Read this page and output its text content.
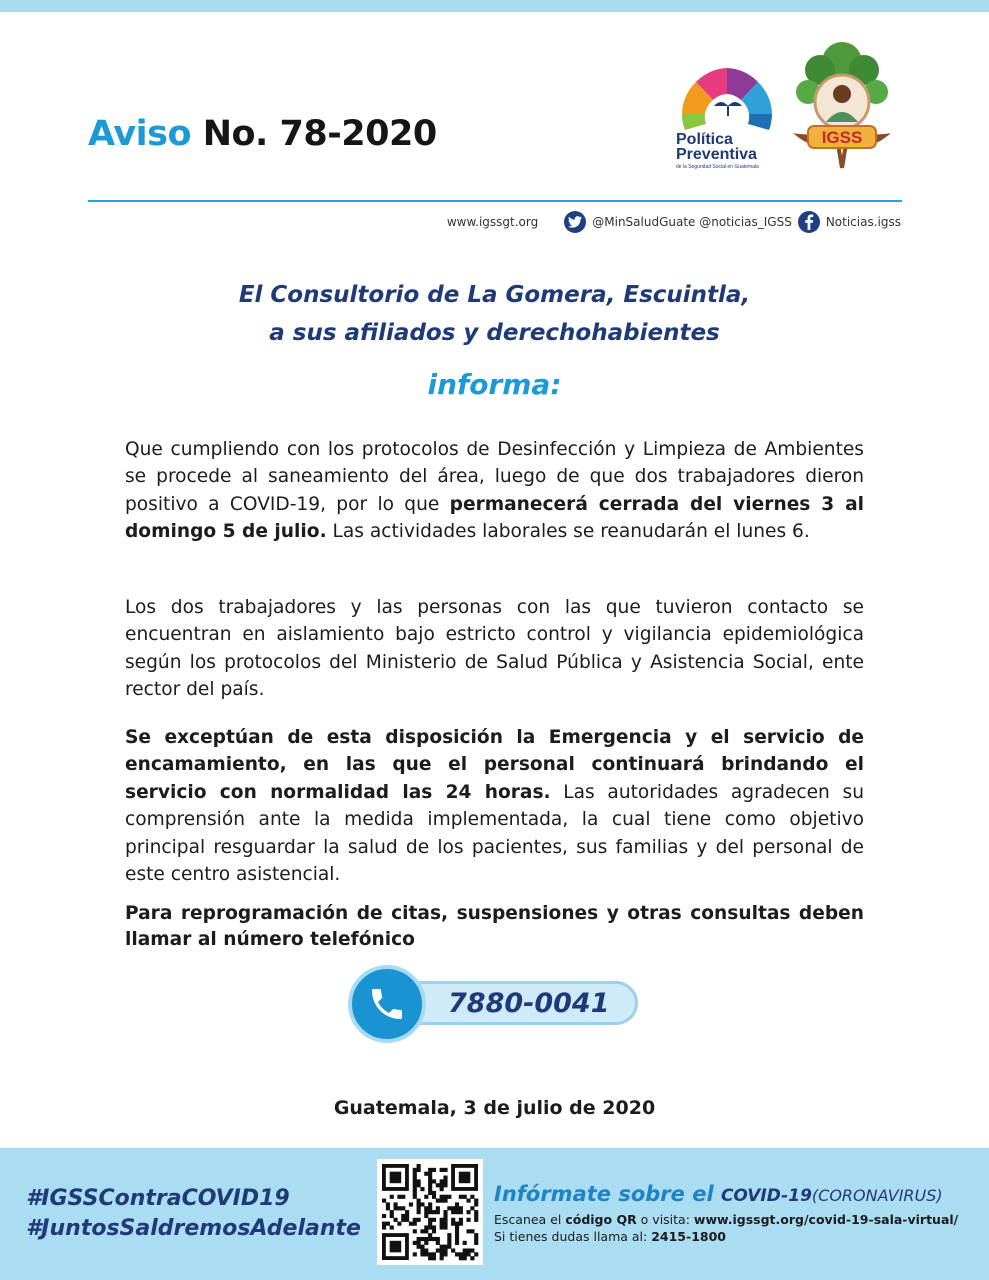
Aviso No. 78-2020	Política
Preventiva
de la Seguridad Social en Guatemala
IGSS
www.igssgt.org	@MinSaludGuate @noticias_IGSS	Noticias.igss
El Consultorio de La Gomera, Escuintla,
a sus afiliados y derechohabientes
informa:
Que cumpliendo con los protocolos de Desinfección y Limpieza de Ambientes se procede al saneamiento del área, luego de que dos trabajadores dieron positivo a COVID-19, por lo que permanecerá cerrada del viernes 3 al domingo 5 de julio. Las actividades laborales se reanudarán el lunes 6.
Los dos trabajadores y las personas con las que tuvieron contacto se encuentran en aislamiento bajo estricto control y vigilancia epidemiológica según los protocolos del Ministerio de Salud Pública y Asistencia Social, ente rector del país.
Se exceptúan de esta disposición la Emergencia y el servicio de encamamiento, en las que el personal continuará brindando el servicio con normalidad las 24 horas. Las autoridades agradecen su comprensión ante la medida implementada, la cual tiene como objetivo principal resguardar la salud de los pacientes, sus familias y del personal de este centro asistencial.
Para reprogramación de citas, suspensiones y otras consultas deben llamar al número telefónico
7880-0041
Guatemala, 3 de julio de 2020
#IGSSContraCOVID19
#JuntosSaldremosAdelante
Infórmate sobre el COVID-19(CORONAVIRUS)
Escanea el código QR o visita: www.igssgt.org/covid-19-sala-virtual/
Si tienes dudas llama al: 2415-1800
